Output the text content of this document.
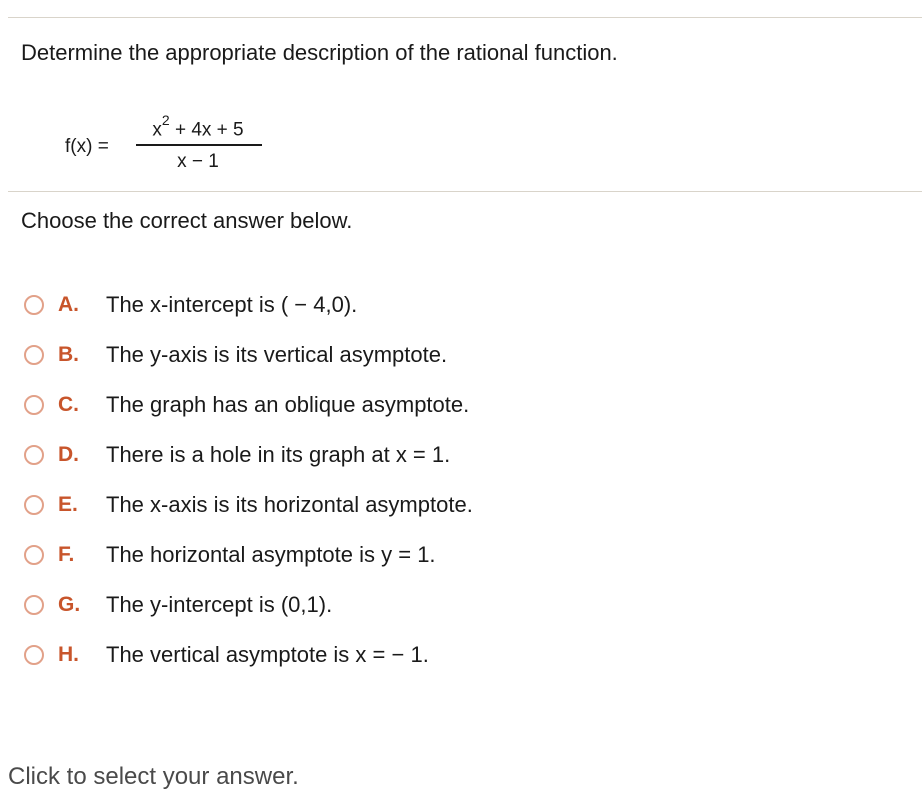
Determine the appropriate description of the rational function.
f(x) =
$x^2 + 4x + 5$
x − 1
Choose the correct answer below.
A.	The x-intercept is ( − 4,0).
B.	The y-axis is its vertical asymptote.
C.	The graph has an oblique asymptote.
D.	There is a hole in its graph at x = 1.
E.	The x-axis is its horizontal asymptote.
F.	The horizontal asymptote is y = 1.
G.	The y-intercept is (0,1).
H.	The vertical asymptote is x = − 1.
Click to select your answer.
